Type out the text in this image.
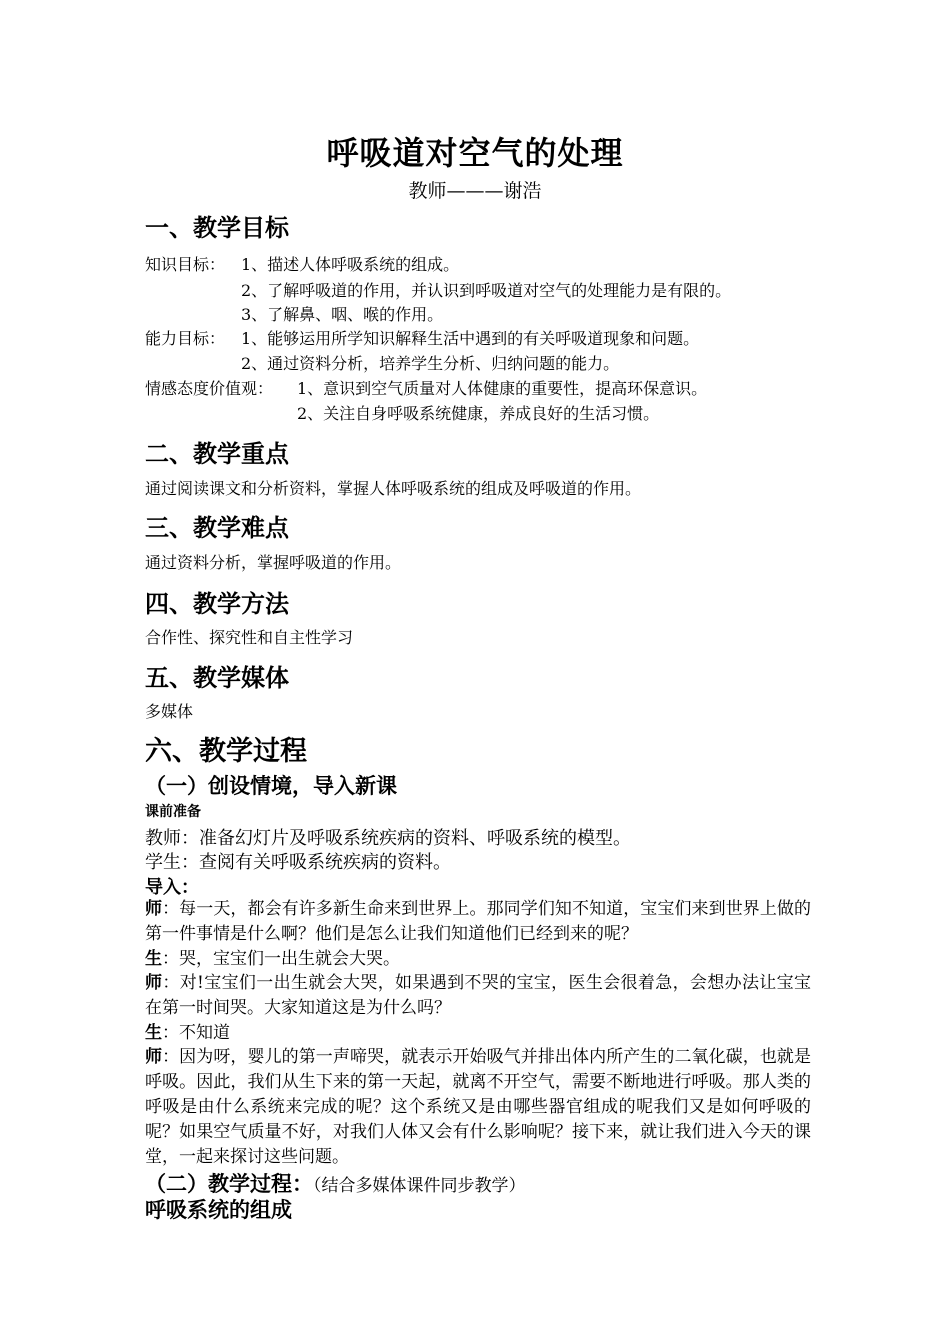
呼吸道对空气的处理
教师———谢浩
一、教学目标
知识目标： 1、描述人体呼吸系统的组成。
2、了解呼吸道的作用，并认识到呼吸道对空气的处理能力是有限的。
3、了解鼻、咽、喉的作用。
能力目标： 1、能够运用所学知识解释生活中遇到的有关呼吸道现象和问题。
2、通过资料分析，培养学生分析、归纳问题的能力。
情感态度价值观： 1、意识到空气质量对人体健康的重要性，提高环保意识。
2、关注自身呼吸系统健康，养成良好的生活习惯。
二、教学重点
通过阅读课文和分析资料，掌握人体呼吸系统的组成及呼吸道的作用。
三、教学难点
通过资料分析，掌握呼吸道的作用。
四、教学方法
合作性、探究性和自主性学习
五、教学媒体
多媒体
六、教学过程
（一）创设情境，导入新课
课前准备
教师：准备幻灯片及呼吸系统疾病的资料、呼吸系统的模型。
学生：查阅有关呼吸系统疾病的资料。
导入：
师：每一天，都会有许多新生命来到世界上。那同学们知不知道，宝宝们来到世界上做的第一件事情是什么啊？他们是怎么让我们知道他们已经到来的呢？
生：哭，宝宝们一出生就会大哭。
师：对!宝宝们一出生就会大哭，如果遇到不哭的宝宝，医生会很着急，会想办法让宝宝在第一时间哭。大家知道这是为什么吗？
生：不知道
师：因为呀，婴儿的第一声啼哭，就表示开始吸气并排出体内所产生的二氧化碳，也就是呼吸。因此，我们从生下来的第一天起，就离不开空气，需要不断地进行呼吸。那人类的呼吸是由什么系统来完成的呢？这个系统又是由哪些器官组成的呢我们又是如何呼吸的呢？如果空气质量不好，对我们人体又会有什么影响呢？接下来，就让我们进入今天的课堂，一起来探讨这些问题。
（二）教学过程：（结合多媒体课件同步教学）
呼吸系统的组成
